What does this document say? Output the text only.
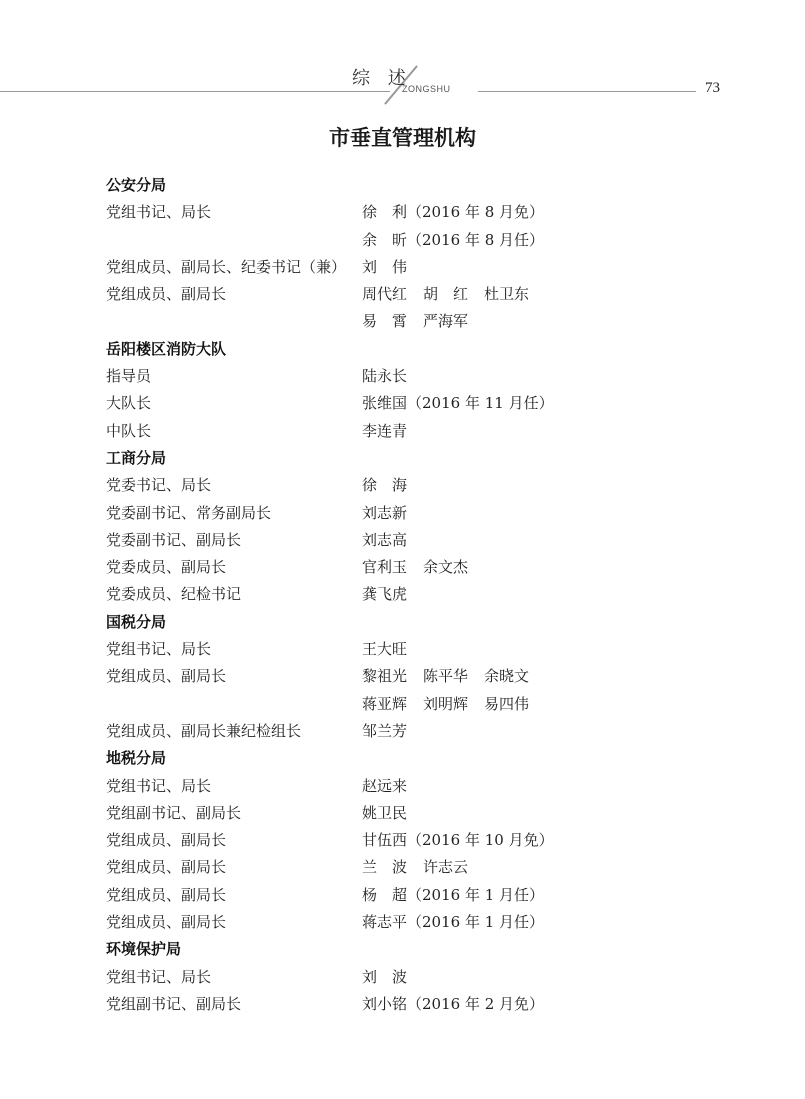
综 述
ZONGSHU	73
市垂直管理机构
公安分局
党组书记、局长	徐　利（2016 年 8 月免）
余　昕（2016 年 8 月任）
党组成员、副局长、纪委书记（兼） 刘　伟
党组成员、副局长	周代红 胡　红 杜卫东
易　霄 严海军
岳阳楼区消防大队
指导员	陆永长
大队长	张维国（2016 年 11 月任）
中队长	李连青
工商分局
党委书记、局长	徐　海
党委副书记、常务副局长	刘志新
党委副书记、副局长	刘志高
党委成员、副局长	官利玉 余文杰
党委成员、纪检书记	龚飞虎
国税分局
党组书记、局长	王大旺
党组成员、副局长	黎祖光 陈平华 余晓文
蒋亚辉 刘明辉 易四伟
党组成员、副局长兼纪检组长	邹兰芳
地税分局
党组书记、局长	赵远来
党组副书记、副局长	姚卫民
党组成员、副局长	甘伍西（2016 年 10 月免）
党组成员、副局长	兰　波 许志云
党组成员、副局长	杨　超（2016 年 1 月任）
党组成员、副局长	蒋志平（2016 年 1 月任）
环境保护局
党组书记、局长	刘　波
党组副书记、副局长	刘小铭（2016 年 2 月免）
